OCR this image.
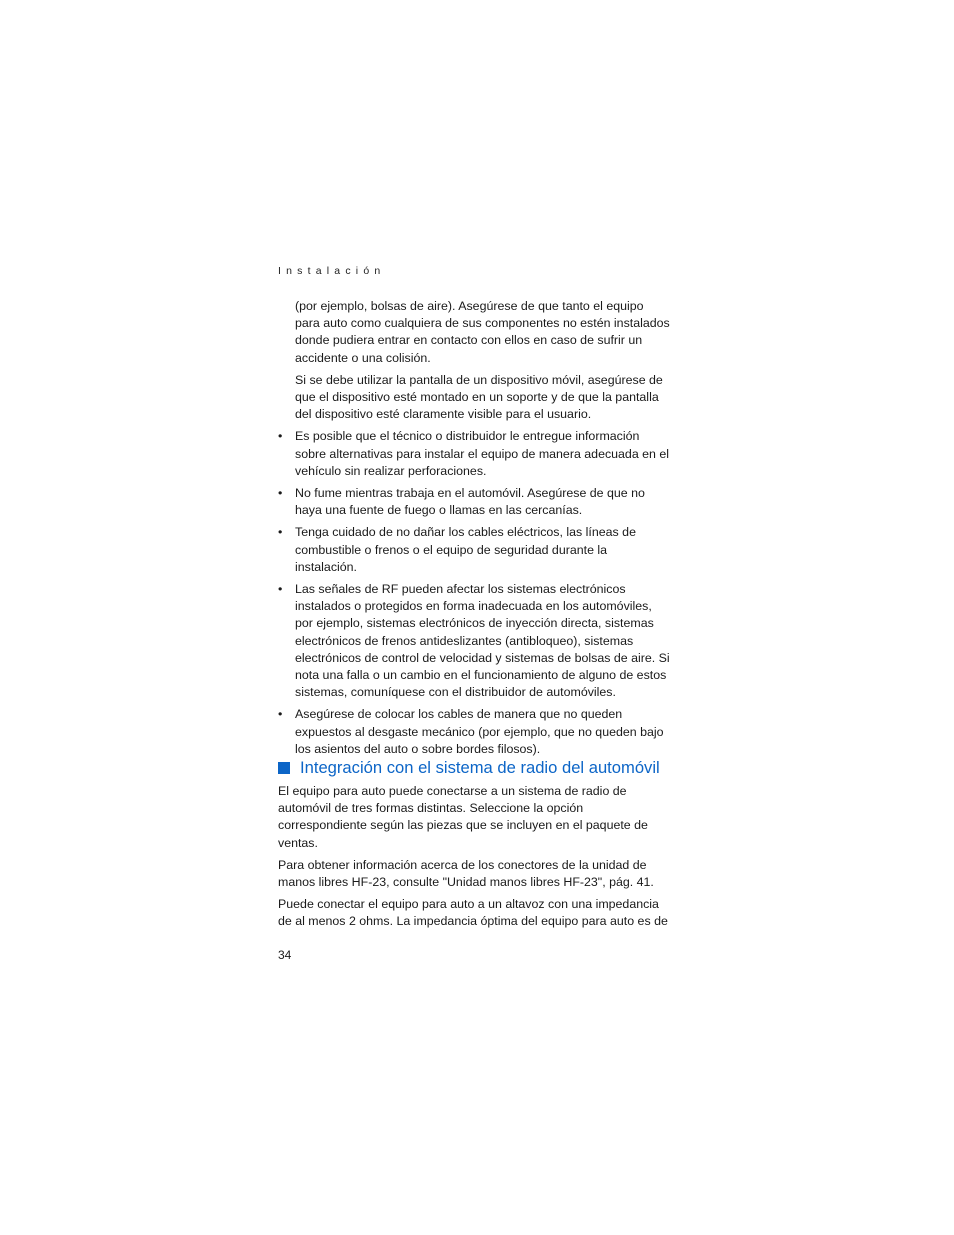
Instalación

(por ejemplo, bolsas de aire). Asegúrese de que tanto el equipo para auto como cualquiera de sus componentes no estén instalados donde pudiera entrar en contacto con ellos en caso de sufrir un accidente o una colisión.

Si se debe utilizar la pantalla de un dispositivo móvil, asegúrese de que el dispositivo esté montado en un soporte y de que la pantalla del dispositivo esté claramente visible para el usuario.

• Es posible que el técnico o distribuidor le entregue información sobre alternativas para instalar el equipo de manera adecuada en el vehículo sin realizar perforaciones.
• No fume mientras trabaja en el automóvil. Asegúrese de que no haya una fuente de fuego o llamas en las cercanías.
• Tenga cuidado de no dañar los cables eléctricos, las líneas de combustible o frenos o el equipo de seguridad durante la instalación.
• Las señales de RF pueden afectar los sistemas electrónicos instalados o protegidos en forma inadecuada en los automóviles, por ejemplo, sistemas electrónicos de inyección directa, sistemas electrónicos de frenos antideslizantes (antibloqueo), sistemas electrónicos de control de velocidad y sistemas de bolsas de aire. Si nota una falla o un cambio en el funcionamiento de alguno de estos sistemas, comuníquese con el distribuidor de automóviles.
• Asegúrese de colocar los cables de manera que no queden expuestos al desgaste mecánico (por ejemplo, que no queden bajo los asientos del auto o sobre bordes filosos).
Integración con el sistema de radio del automóvil

El equipo para auto puede conectarse a un sistema de radio de automóvil de tres formas distintas. Seleccione la opción correspondiente según las piezas que se incluyen en el paquete de ventas.

Para obtener información acerca de los conectores de la unidad de manos libres HF-23, consulte "Unidad manos libres HF-23", pág. 41.

Puede conectar el equipo para auto a un altavoz con una impedancia de al menos 2 ohms. La impedancia óptima del equipo para auto es de

34
